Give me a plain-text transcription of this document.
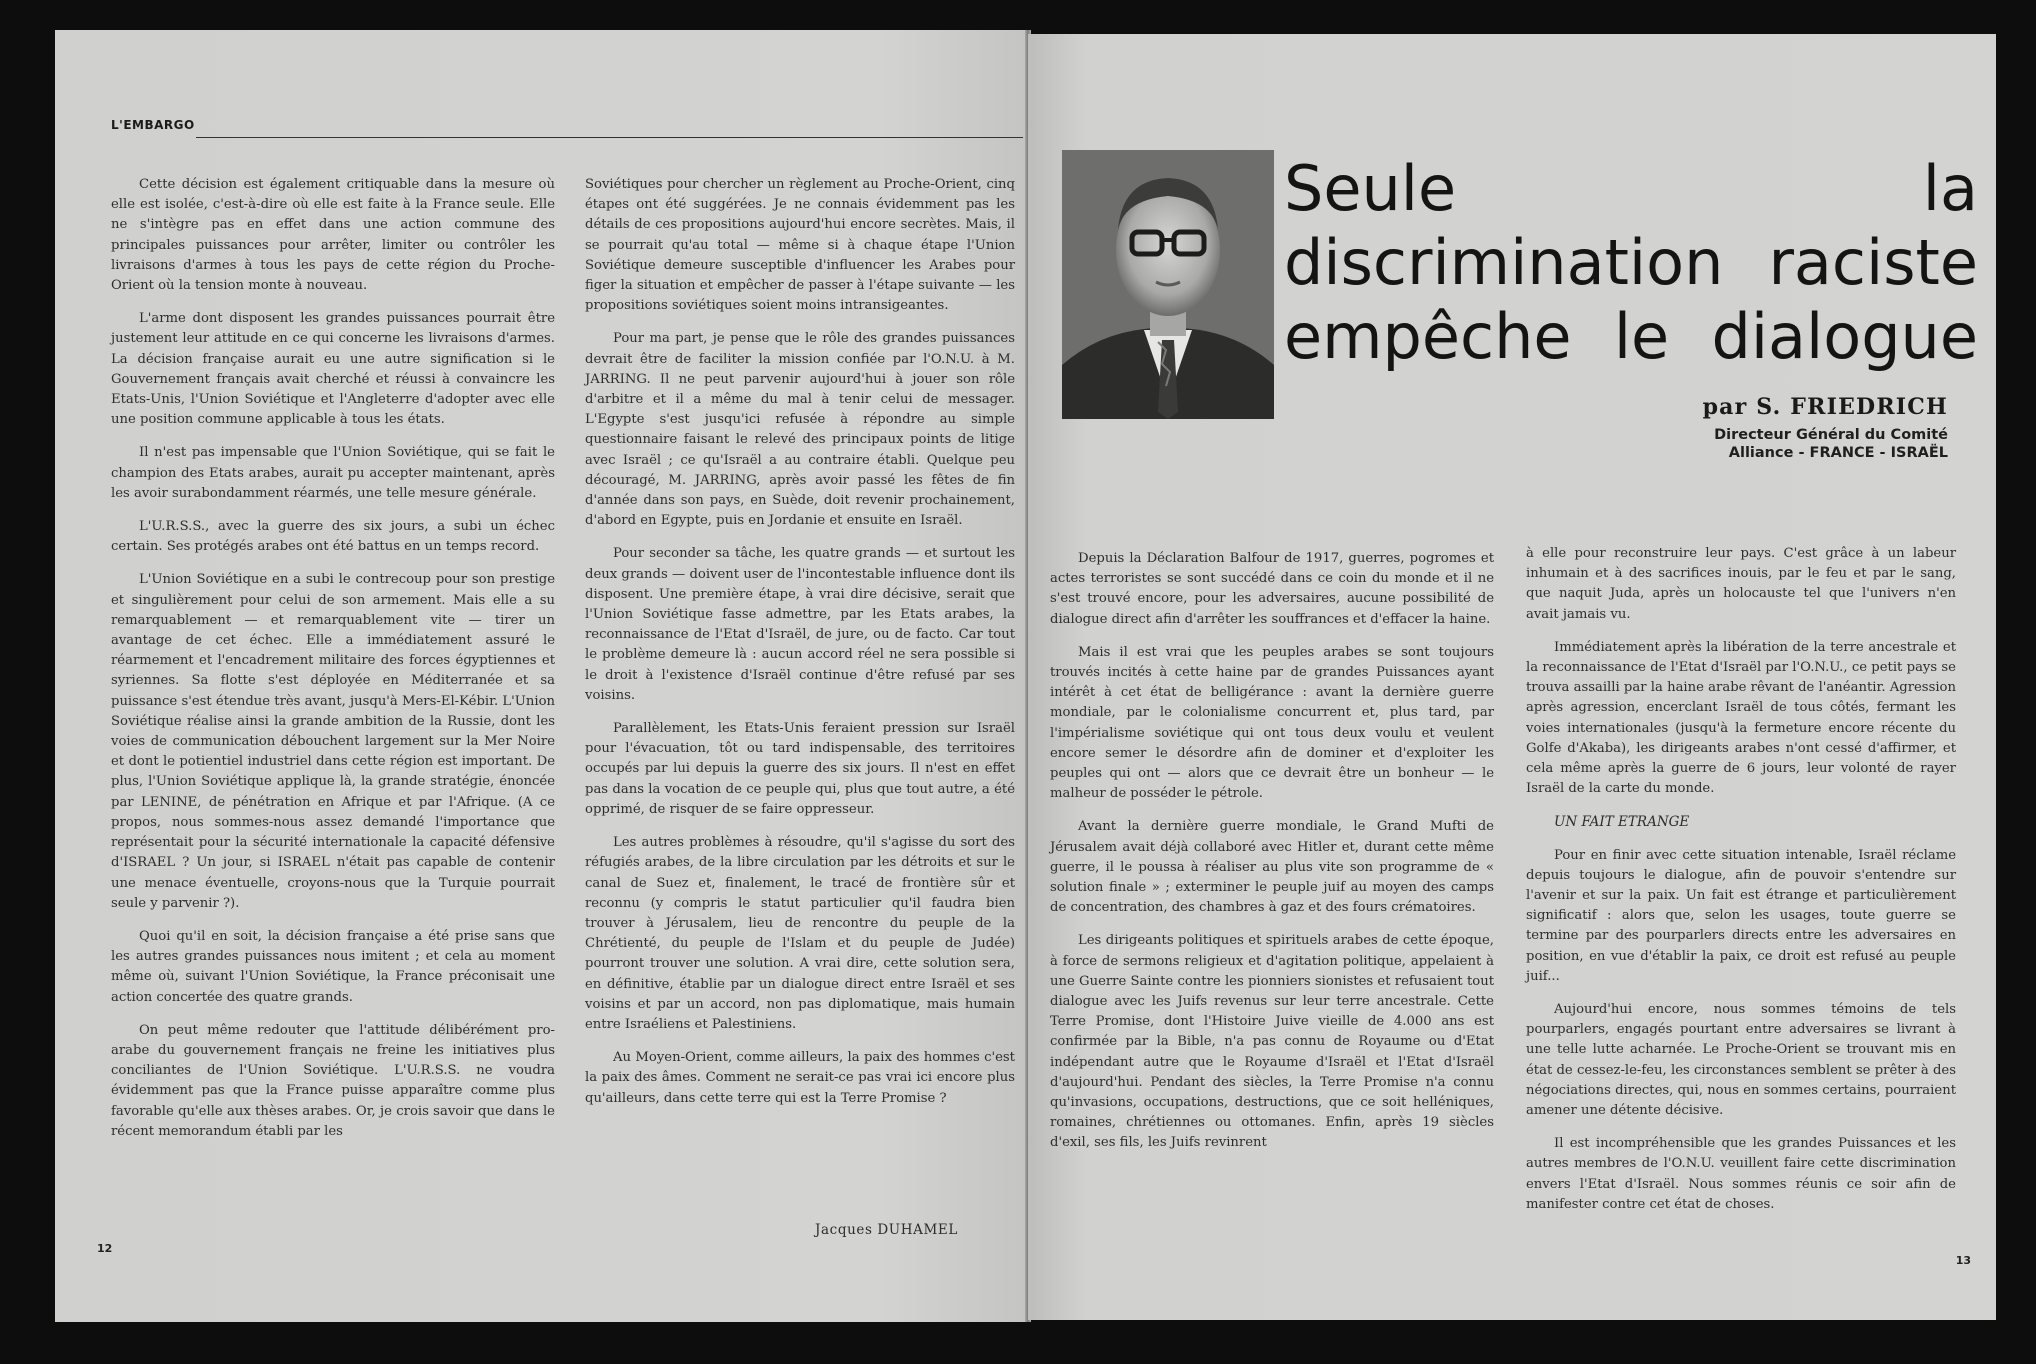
L'EMBARGO

Cette décision est également critiquable dans la mesure où elle est isolée, c'est-à-dire où elle est faite à la France seule. Elle ne s'intègre pas en effet dans une action commune des principales puissances pour arrêter, limiter ou contrôler les livraisons d'armes à tous les pays de cette région du Proche-Orient où la tension monte à nouveau.

L'arme dont disposent les grandes puissances pourrait être justement leur attitude en ce qui concerne les livraisons d'armes. La décision française aurait eu une autre signification si le Gouvernement français avait cherché et réussi à convaincre les Etats-Unis, l'Union Soviétique et l'Angleterre d'adopter avec elle une position commune applicable à tous les états.

Il n'est pas impensable que l'Union Soviétique, qui se fait le champion des Etats arabes, aurait pu accepter maintenant, après les avoir surabondamment réarmés, une telle mesure générale.

L'U.R.S.S., avec la guerre des six jours, a subi un échec certain. Ses protégés arabes ont été battus en un temps record.

L'Union Soviétique en a subi le contrecoup pour son prestige et singulièrement pour celui de son armement. Mais elle a su remarquablement — et remarquablement vite — tirer un avantage de cet échec. Elle a immédiatement assuré le réarmement et l'encadrement militaire des forces égyptiennes et syriennes. Sa flotte s'est déployée en Méditerranée et sa puissance s'est étendue très avant, jusqu'à Mers-El-Kébir. L'Union Soviétique réalise ainsi la grande ambition de la Russie, dont les voies de communication débouchent largement sur la Mer Noire et dont le potientiel industriel dans cette région est important. De plus, l'Union Soviétique applique là, la grande stratégie, énoncée par LENINE, de pénétration en Afrique et par l'Afrique. (A ce propos, nous sommes-nous assez demandé l'importance que représentait pour la sécurité internationale la capacité défensive d'ISRAEL ? Un jour, si ISRAEL n'était pas capable de contenir une menace éventuelle, croyons-nous que la Turquie pourrait seule y parvenir ?).

Quoi qu'il en soit, la décision française a été prise sans que les autres grandes puissances nous imitent ; et cela au moment même où, suivant l'Union Soviétique, la France préconisait une action concertée des quatre grands.

On peut même redouter que l'attitude délibérément pro-arabe du gouvernement français ne freine les initiatives plus conciliantes de l'Union Soviétique. L'U.R.S.S. ne voudra évidemment pas que la France puisse apparaître comme plus favorable qu'elle aux thèses arabes. Or, je crois savoir que dans le récent memorandum établi par les

Soviétiques pour chercher un règlement au Proche-Orient, cinq étapes ont été suggérées. Je ne connais évidemment pas les détails de ces propositions aujourd'hui encore secrètes. Mais, il se pourrait qu'au total — même si à chaque étape l'Union Soviétique demeure susceptible d'influencer les Arabes pour figer la situation et empêcher de passer à l'étape suivante — les propositions soviétiques soient moins intransigeantes.

Pour ma part, je pense que le rôle des grandes puissances devrait être de faciliter la mission confiée par l'O.N.U. à M. JARRING. Il ne peut parvenir aujourd'hui à jouer son rôle d'arbitre et il a même du mal à tenir celui de messager. L'Egypte s'est jusqu'ici refusée à répondre au simple questionnaire faisant le relevé des principaux points de litige avec Israël ; ce qu'Israël a au contraire établi. Quelque peu découragé, M. JARRING, après avoir passé les fêtes de fin d'année dans son pays, en Suède, doit revenir prochainement, d'abord en Egypte, puis en Jordanie et ensuite en Israël.

Pour seconder sa tâche, les quatre grands — et surtout les deux grands — doivent user de l'incontestable influence dont ils disposent. Une première étape, à vrai dire décisive, serait que l'Union Soviétique fasse admettre, par les Etats arabes, la reconnaissance de l'Etat d'Israël, de jure, ou de facto. Car tout le problème demeure là : aucun accord réel ne sera possible si le droit à l'existence d'Israël continue d'être refusé par ses voisins.

Parallèlement, les Etats-Unis feraient pression sur Israël pour l'évacuation, tôt ou tard indispensable, des territoires occupés par lui depuis la guerre des six jours. Il n'est en effet pas dans la vocation de ce peuple qui, plus que tout autre, a été opprimé, de risquer de se faire oppresseur.

Les autres problèmes à résoudre, qu'il s'agisse du sort des réfugiés arabes, de la libre circulation par les détroits et sur le canal de Suez et, finalement, le tracé de frontière sûr et reconnu (y compris le statut particulier qu'il faudra bien trouver à Jérusalem, lieu de rencontre du peuple de la Chrétienté, du peuple de l'Islam et du peuple de Judée) pourront trouver une solution. A vrai dire, cette solution sera, en définitive, établie par un dialogue direct entre Israël et ses voisins et par un accord, non pas diplomatique, mais humain entre Israéliens et Palestiniens.

Au Moyen-Orient, comme ailleurs, la paix des hommes c'est la paix des âmes. Comment ne serait-ce pas vrai ici encore plus qu'ailleurs, dans cette terre qui est la Terre Promise ?

Jacques DUHAMEL
12
Seule la
discrimination raciste
empêche le dialogue
par S. FRIEDRICH
Directeur Général du Comité
Alliance - FRANCE - ISRAËL

Depuis la Déclaration Balfour de 1917, guerres, pogromes et actes terroristes se sont succédé dans ce coin du monde et il ne s'est trouvé encore, pour les adversaires, aucune possibilité de dialogue direct afin d'arrêter les souffrances et d'effacer la haine.

Mais il est vrai que les peuples arabes se sont toujours trouvés incités à cette haine par de grandes Puissances ayant intérêt à cet état de belligérance : avant la dernière guerre mondiale, par le colonialisme concurrent et, plus tard, par l'impérialisme soviétique qui ont tous deux voulu et veulent encore semer le désordre afin de dominer et d'exploiter les peuples qui ont — alors que ce devrait être un bonheur — le malheur de posséder le pétrole.

Avant la dernière guerre mondiale, le Grand Mufti de Jérusalem avait déjà collaboré avec Hitler et, durant cette même guerre, il le poussa à réaliser au plus vite son programme de « solution finale » ; exterminer le peuple juif au moyen des camps de concentration, des chambres à gaz et des fours crématoires.

Les dirigeants politiques et spirituels arabes de cette époque, à force de sermons religieux et d'agitation politique, appelaient à une Guerre Sainte contre les pionniers sionistes et refusaient tout dialogue avec les Juifs revenus sur leur terre ancestrale. Cette Terre Promise, dont l'Histoire Juive vieille de 4.000 ans est confirmée par la Bible, n'a pas connu de Royaume ou d'Etat indépendant autre que le Royaume d'Israël et l'Etat d'Israël d'aujourd'hui. Pendant des siècles, la Terre Promise n'a connu qu'invasions, occupations, destructions, que ce soit helléniques, romaines, chrétiennes ou ottomanes. Enfin, après 19 siècles d'exil, ses fils, les Juifs revinrent

à elle pour reconstruire leur pays. C'est grâce à un labeur inhumain et à des sacrifices inouis, par le feu et par le sang, que naquit Juda, après un holocauste tel que l'univers n'en avait jamais vu.

Immédiatement après la libération de la terre ancestrale et la reconnaissance de l'Etat d'Israël par l'O.N.U., ce petit pays se trouva assailli par la haine arabe rêvant de l'anéantir. Agression après agression, encerclant Israël de tous côtés, fermant les voies internationales (jusqu'à la fermeture encore récente du Golfe d'Akaba), les dirigeants arabes n'ont cessé d'affirmer, et cela même après la guerre de 6 jours, leur volonté de rayer Israël de la carte du monde.

UN FAIT ETRANGE

Pour en finir avec cette situation intenable, Israël réclame depuis toujours le dialogue, afin de pouvoir s'entendre sur l'avenir et sur la paix. Un fait est étrange et particulièrement significatif : alors que, selon les usages, toute guerre se termine par des pourparlers directs entre les adversaires en position, en vue d'établir la paix, ce droit est refusé au peuple juif...

Aujourd'hui encore, nous sommes témoins de tels pourparlers, engagés pourtant entre adversaires se livrant à une telle lutte acharnée. Le Proche-Orient se trouvant mis en état de cessez-le-feu, les circonstances semblent se prêter à des négociations directes, qui, nous en sommes certains, pourraient amener une détente décisive.

Il est incompréhensible que les grandes Puissances et les autres membres de l'O.N.U. veuillent faire cette discrimination envers l'Etat d'Israël. Nous sommes réunis ce soir afin de manifester contre cet état de choses.

13
